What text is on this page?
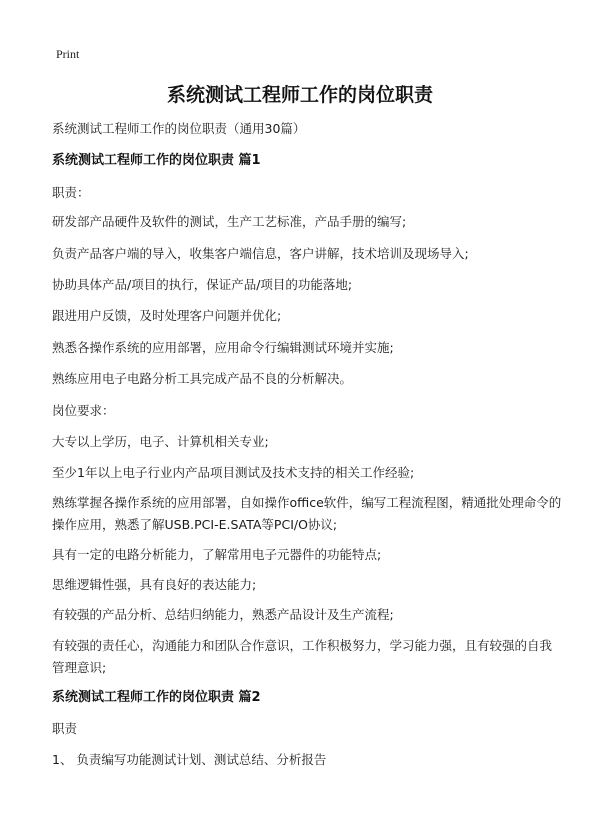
Print
系统测试工程师工作的岗位职责
系统测试工程师工作的岗位职责（通用30篇）
系统测试工程师工作的岗位职责 篇1
职责：
研发部产品硬件及软件的测试，生产工艺标准，产品手册的编写;
负责产品客户端的导入，收集客户端信息，客户讲解，技术培训及现场导入;
协助具体产品/项目的执行，保证产品/项目的功能落地;
跟进用户反馈，及时处理客户问题并优化;
熟悉各操作系统的应用部署，应用命令行编辑测试环境并实施;
熟练应用电子电路分析工具完成产品不良的分析解决。
岗位要求：
大专以上学历，电子、计算机相关专业;
至少1年以上电子行业内产品项目测试及技术支持的相关工作经验;
熟练掌握各操作系统的应用部署，自如操作office软件，编写工程流程图，精通批处理命令的操作应用，熟悉了解USB.PCI-E.SATA等PCI/O协议;
具有一定的电路分析能力，了解常用电子元器件的功能特点;
思维逻辑性强，具有良好的表达能力;
有较强的产品分析、总结归纳能力，熟悉产品设计及生产流程;
有较强的责任心，沟通能力和团队合作意识，工作积极努力，学习能力强，且有较强的自我管理意识;
系统测试工程师工作的岗位职责 篇2
职责
1、 负责编写功能测试计划、测试总结、分析报告
